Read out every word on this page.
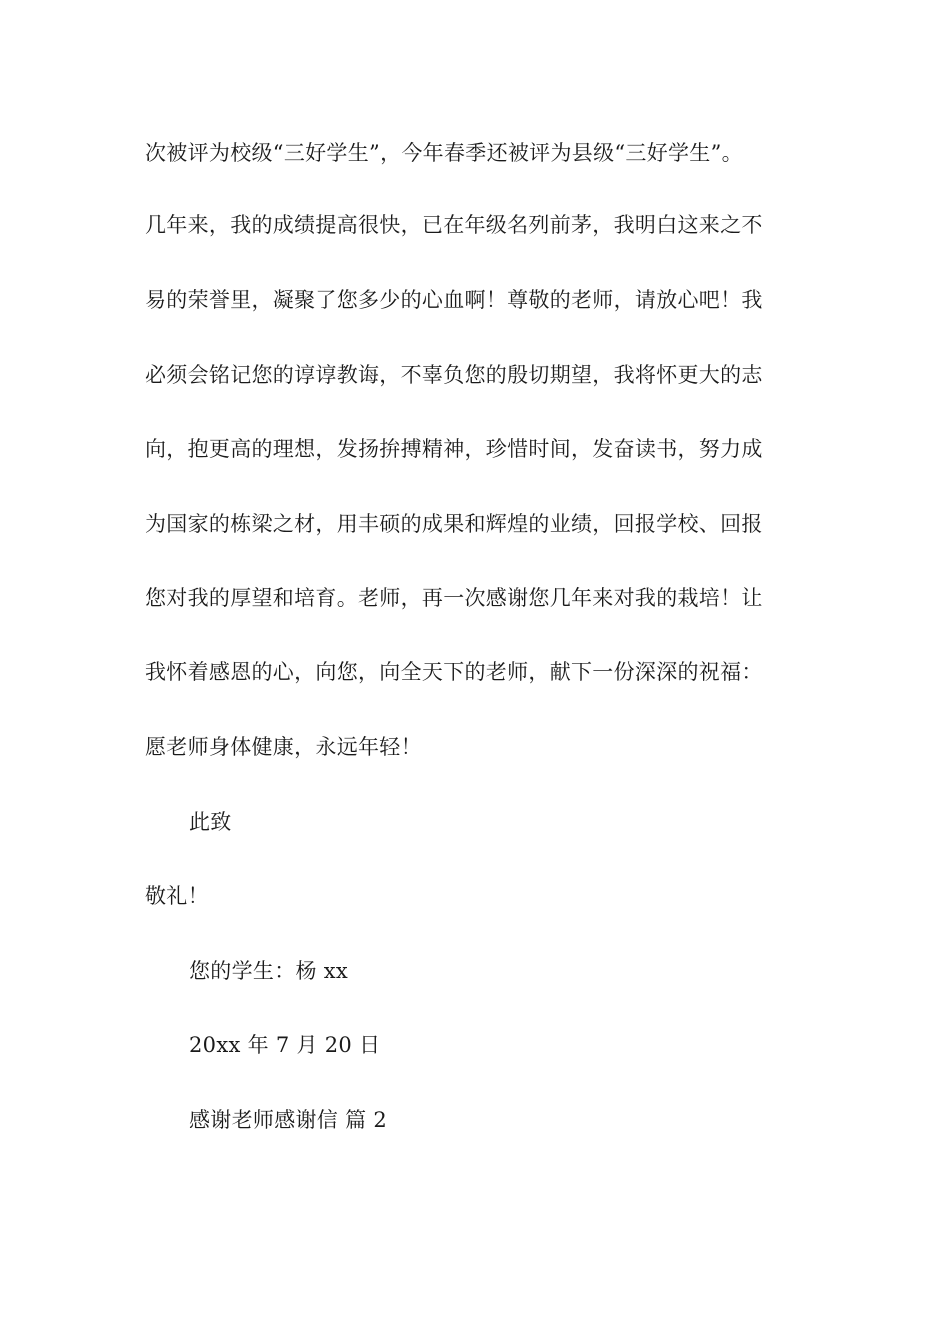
次被评为校级“三好学生”，今年春季还被评为县级“三好学生”。
几年来，我的成绩提高很快，已在年级名列前茅，我明白这来之不
易的荣誉里，凝聚了您多少的心血啊！尊敬的老师，请放心吧！我
必须会铭记您的谆谆教诲，不辜负您的殷切期望，我将怀更大的志
向，抱更高的理想，发扬拚搏精神，珍惜时间，发奋读书，努力成
为国家的栋梁之材，用丰硕的成果和辉煌的业绩，回报学校、回报
您对我的厚望和培育。老师，再一次感谢您几年来对我的栽培！让
我怀着感恩的心，向您，向全天下的老师，献下一份深深的祝福：
愿老师身体健康，永远年轻！
此致
敬礼！
您的学生：杨 xx
20xx 年 7 月 20 日
感谢老师感谢信 篇 2
